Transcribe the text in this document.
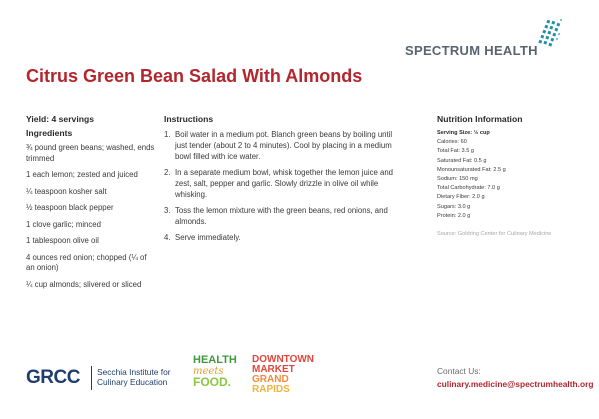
SPECTRUM HEALTH
Citrus Green Bean Salad With Almonds
Yield: 4 servings
Ingredients
¾ pound green beans; washed, ends trimmed
1 each lemon; zested and juiced
¼ teaspoon kosher salt
½ teaspoon black pepper
1 clove garlic; minced
1 tablespoon olive oil
4 ounces red onion; chopped (¼ of an onion)
¼ cup almonds; slivered or sliced
Instructions
1. Boil water in a medium pot. Blanch green beans by boiling until just tender (about 2 to 4 minutes). Cool by placing in a medium bowl filled with ice water.
2. In a separate medium bowl, whisk together the lemon juice and zest, salt, pepper and garlic. Slowly drizzle in olive oil while whisking.
3. Toss the lemon mixture with the green beans, red onions, and almonds.
4. Serve immediately.
Nutrition Information
Serving Size: ½ cup
Calories: 60
Total Fat: 3.5 g
Saturated Fat: 0.5 g
Monounsaturated Fat: 2.5 g
Sodium: 150 mg
Total Carbohydrate: 7.0 g
Dietary Fiber: 2.0 g
Sugars: 3.0 g
Protein: 2.0 g
Source: Goldring Center for Culinary Medicine
GRCC Secchia Institute for
Culinary Education
HEALTH
meets
FOOD.
DOWNTOWN
MARKET
GRAND
RAPIDS
Contact Us:
culinary.medicine@spectrumhealth.org
